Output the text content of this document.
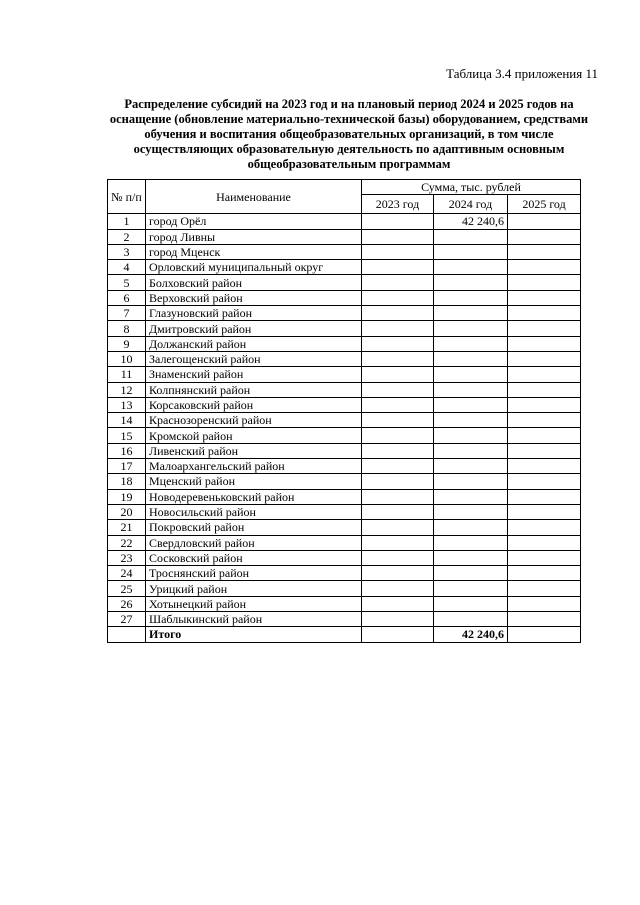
Таблица 3.4 приложения 11
Распределение субсидий на 2023 год и на плановый период 2024 и 2025 годов на оснащение (обновление материально-технической базы) оборудованием, средствами обучения и воспитания общеобразовательных организаций, в том числе осуществляющих образовательную деятельность по адаптивным основным общеобразовательным программам
№ п/п	Наименование	Сумма, тыс. рублей		
		2023 год	2024 год	2025 год
1	город Орёл		42 240,6	
2	город Ливны			
3	город Мценск			
4	Орловский муниципальный округ			
5	Болховский район			
6	Верховский район			
7	Глазуновский район			
8	Дмитровский район			
9	Должанский район			
10	Залегощенский район			
11	Знаменский район			
12	Колпнянский район			
13	Корсаковский район			
14	Краснозоренский район			
15	Кромской район			
16	Ливенский район			
17	Малоархангельский район			
18	Мценский район			
19	Новодеревеньковский район			
20	Новосильский район			
21	Покровский район			
22	Свердловский район			
23	Сосковский район			
24	Троснянский район			
25	Урицкий район			
26	Хотынецкий район			
27	Шаблыкинский район			
	Итого		42 240,6	
